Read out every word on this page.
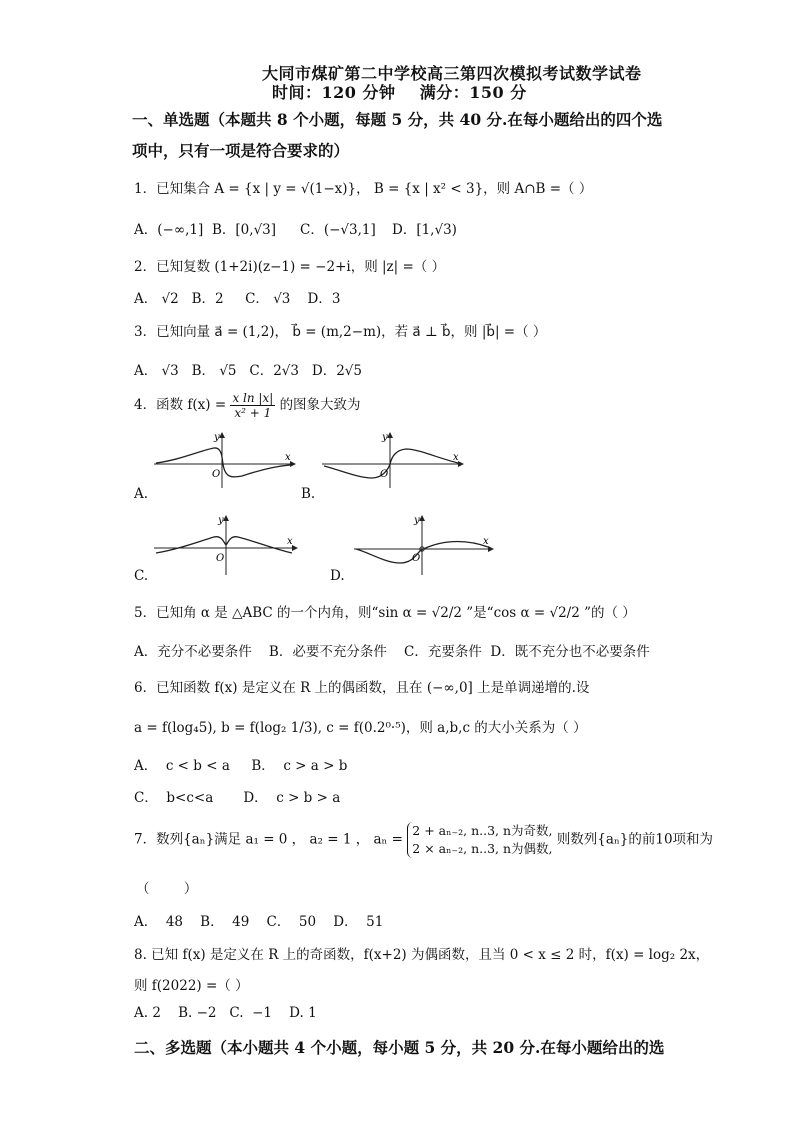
大同市煤矿第二中学校高三第四次模拟考试数学试卷
时间：120 分钟    满分：150 分
一、单选题（本题共 8 个小题，每题 5 分，共 40 分.在每小题给出的四个选
项中，只有一项是符合要求的）
1．已知集合 A = {x | y = √(1−x)}， B = {x | x² < 3}，则 A∩B =（ ）
A．(−∞,1] B．[0,√3] C．(−√3,1] D．[1,√3)
2．已知复数 (1+2i)(z−1) = −2+i，则 |z| =（ ）
A． √2   B．2     C． √3    D．3
3．已知向量 a⃗ = (1,2)， b⃗ = (m,2−m)，若 a⃗ ⊥ b⃗，则 |b⃗| =（ ）
A． √3   B． √5   C．2√3   D．2√5
4．函数 $f(x) = \frac{\text{x ln |x|}}{\text{x² + 1}}$ 的图象大致为
x
y
O
A.
x
y
O
B.
x
y
O
C.
x
y
O
D.
5．已知角 α 是 △ABC 的一个内角，则“sin α = √2/2 ”是“cos α = √2/2 ”的（ ）
A．充分不必要条件    B．必要不充分条件    C．充要条件  D．既不充分也不必要条件
6．已知函数 f(x) 是定义在 R 上的偶函数，且在 (−∞,0] 上是单调递增的.设
a = f(log₄5), b = f(log₂ 1/3), c = f(0.2⁰·⁵)，则 a,b,c 的大小关系为（ ）
A．  c < b < a     B．  c > a > b
C．  b<c<a       D．  c > b > a
7．数列{aₙ}满足 a₁ = 0 ， a₂ = 1 ， aₙ =
2 + aₙ₋₂, n..3, n为奇数,
2 × aₙ₋₂, n..3, n为偶数,
则数列{aₙ}的前10项和为
（        ）
A．  48    B．  49    C．  50    D．  51
8. 已知 f(x) 是定义在 R 上的奇函数，f(x+2) 为偶函数，且当 0 < x ≤ 2 时，f(x) = log₂ 2x，
则 f(2022) =（ ）
A. 2    B. −2   C.  −1    D. 1
二、多选题（本小题共 4 个小题，每小题 5 分，共 20 分.在每小题给出的选
